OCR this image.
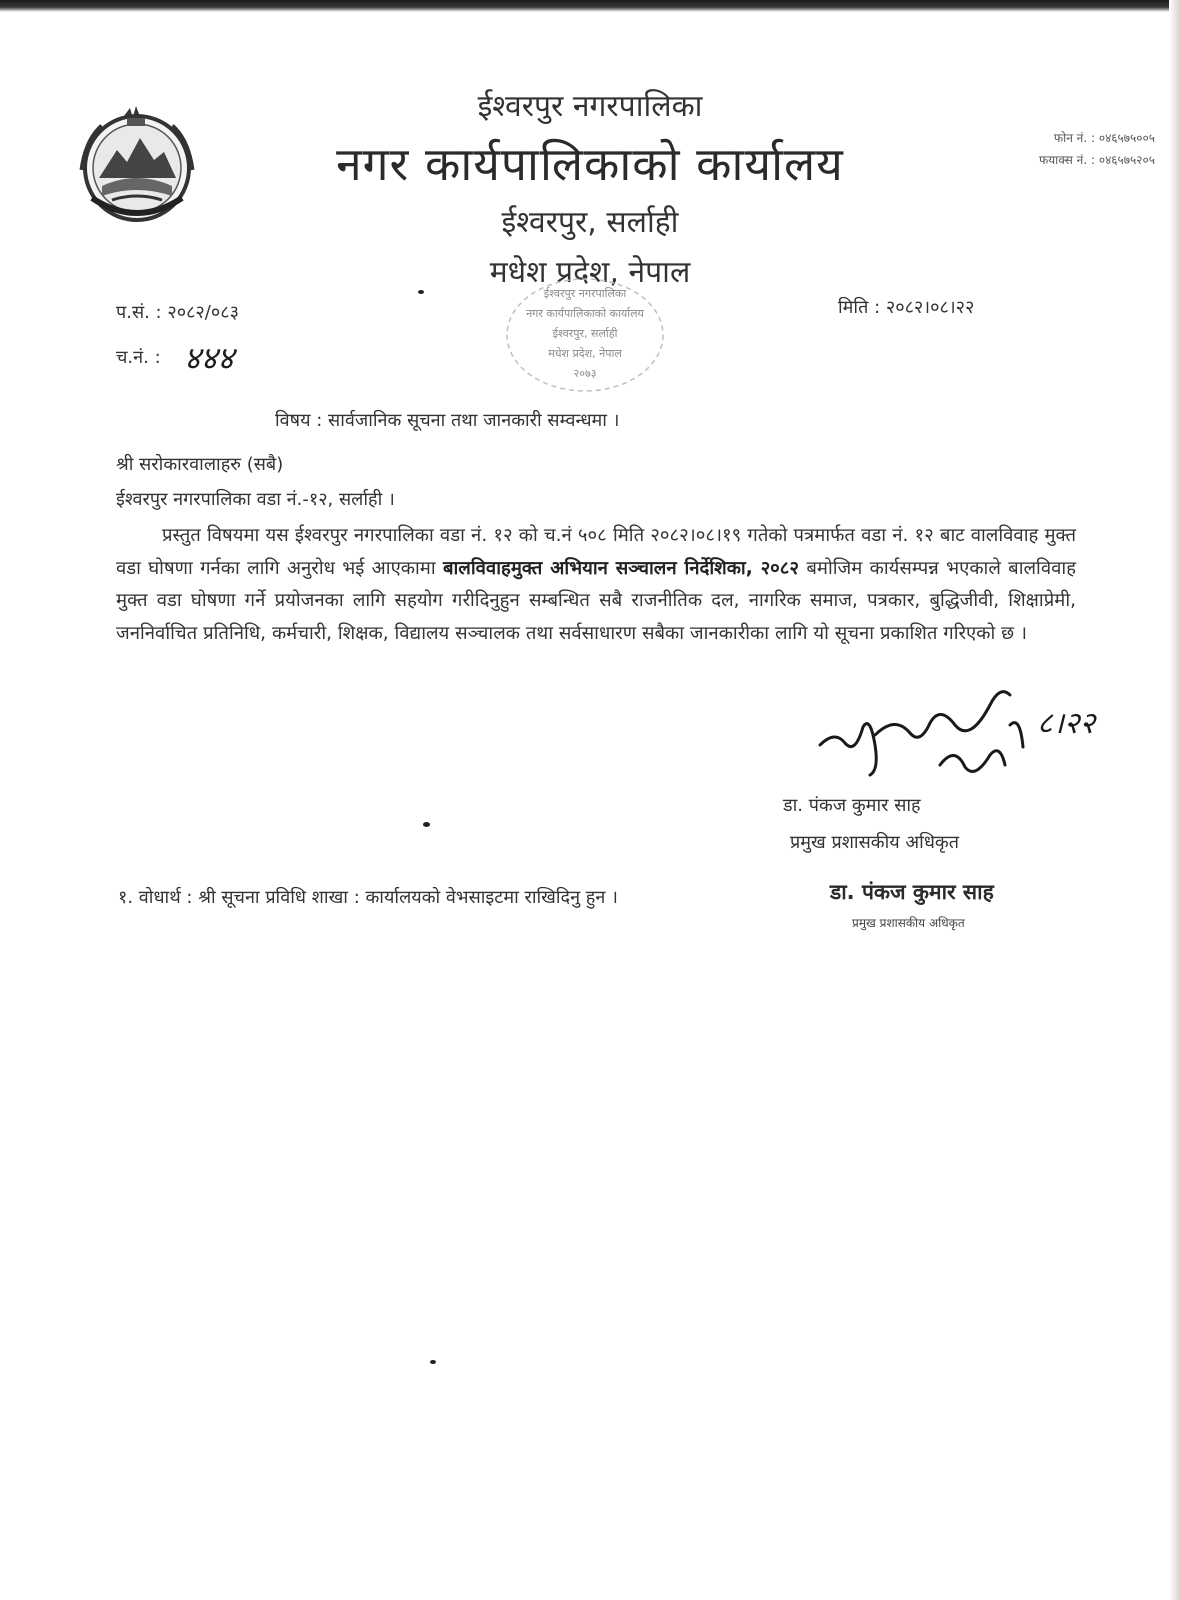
ईश्वरपुर नगरपालिका
नगर कार्यपालिकाको कार्यालय
ईश्वरपुर, सर्लाही
मधेश प्रदेश, नेपाल
फोन नं. : ०४६५७५००५
फयाक्स नं. : ०४६५७५२०५
ईश्वरपुर नगरपालिका
नगर कार्यपालिकाको कार्यालय
ईश्वरपुर, सर्लाही
मधेश प्रदेश, नेपाल
२०७३
प.सं. : २०८२/०८३
च.नं. : ४४४
मिति : २०८२।०८।२२
विषय : सार्वजानिक सूचना तथा जानकारी सम्वन्धमा ।
श्री सरोकारवालाहरु (सबै)
ईश्वरपुर नगरपालिका वडा नं.-१२, सर्लाही ।
प्रस्तुत विषयमा यस ईश्वरपुर नगरपालिका वडा नं. १२ को च.नं ५०८ मिति २०८२।०८।१९ गतेको पत्रमार्फत वडा नं. १२ बाट वालविवाह मुक्त वडा घोषणा गर्नका लागि अनुरोध भई आएकामा बालविवाहमुक्त अभियान सञ्चालन निर्देशिका, २०८२ बमोजिम कार्यसम्पन्न भएकाले बालविवाह मुक्त वडा घोषणा गर्ने प्रयोजनका लागि सहयोग गरीदिनुहुन सम्बन्धित सबै राजनीतिक दल, नागरिक समाज, पत्रकार, बुद्धिजीवी, शिक्षाप्रेमी, जननिर्वाचित प्रतिनिधि, कर्मचारी, शिक्षक, विद्यालय सञ्चालक तथा सर्वसाधारण सबैका जानकारीका लागि यो सूचना प्रकाशित गरिएको छ ।
८।२२
डा. पंकज कुमार साह
प्रमुख प्रशासकीय अधिकृत
१. वोधार्थ : श्री सूचना प्रविधि शाखा : कार्यालयको वेभसाइटमा राखिदिनु हुन ।	डा. पंकज कुमार साह
प्रमुख प्रशासकीय अधिकृत
